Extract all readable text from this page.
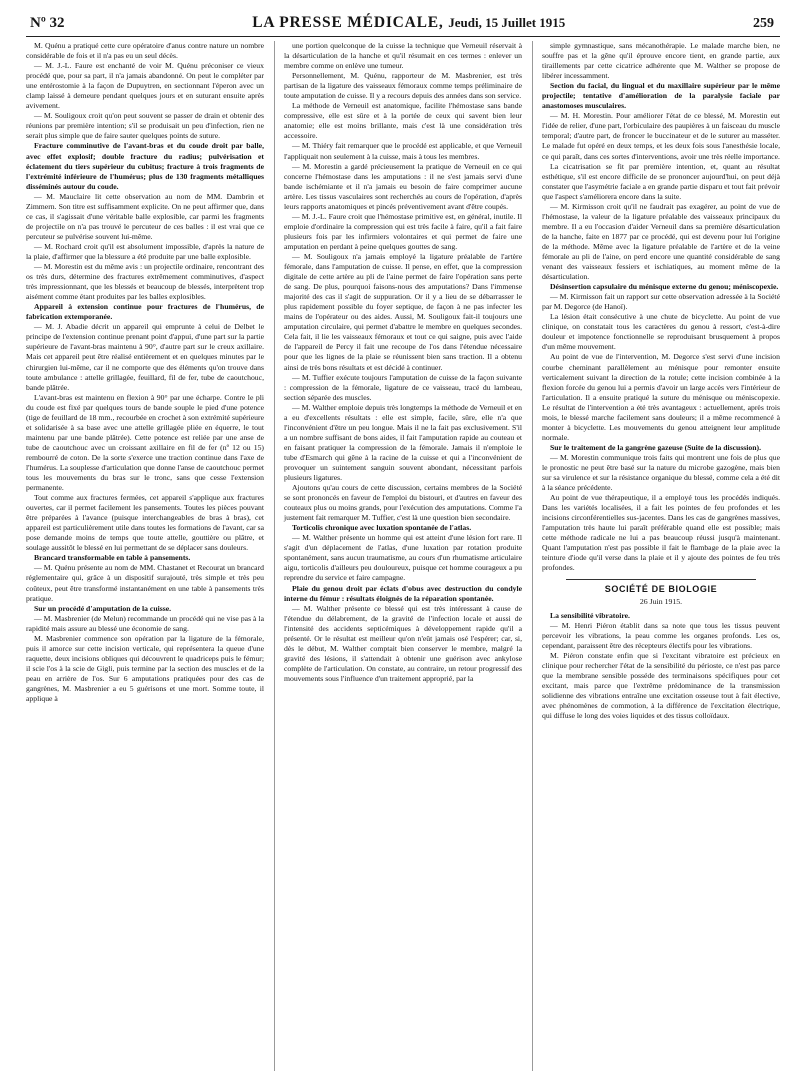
Nº 32	LA PRESSE MÉDICALE, Jeudi, 15 Juillet 1915	259

M. Quénu a pratiqué cette cure opératoire d'anus contre nature un nombre considérable de fois et il n'a pas eu un seul décès.

— M. J.-L. Faure est enchanté de voir M. Quénu préconiser ce vieux procédé que, pour sa part, il n'a jamais abandonné. On peut le compléter par une entérostomie à la façon de Dupuytren, en sectionnant l'éperon avec un clamp laissé à demeure pendant quelques jours et en suturant ensuite après avivement.

— M. Souligoux croit qu'on peut souvent se passer de drain et obtenir des réunions par première intention; s'il se produisait un peu d'infection, rien ne serait plus simple que de faire sauter quelques points de suture.

Fracture comminutive de l'avant-bras et du coude droit par balle, avec effet explosif; double fracture du radius; pulvérisation et éclatement du tiers supérieur du cubitus; fracture à trois fragments de l'extrémité inférieure de l'humérus; plus de 130 fragments métalliques disséminés autour du coude.

— M. Mauclaire lit cette observation au nom de MM. Dambrin et Zimmern. Son titre est suffisamment explicite. On ne peut affirmer que, dans ce cas, il s'agissait d'une véritable balle explosible, car parmi les fragments de projectile on n'a pas trouvé le percuteur de ces balles : il est vrai que ce percuteur se pulvérise souvent lui-même.

— M. Rochard croit qu'il est absolument impossible, d'après la nature de la plaie, d'affirmer que la blessure a été produite par une balle explosible.

— M. Morestin est du même avis : un projectile ordinaire, rencontrant des os très durs, détermine des fractures extrêmement comminutives, d'aspect très impressionnant, que les blessés et beaucoup de blessés, interprètent trop aisément comme étant produites par les balles explosibles.

Appareil à extension continue pour fractures de l'humérus, de fabrication extemporanée.

— M. J. Abadie décrit un appareil qui emprunte à celui de Delbet le principe de l'extension continue prenant point d'appui, d'une part sur la partie supérieure de l'avant-bras maintenu à 90°, d'autre part sur le creux axillaire. Mais cet appareil peut être réalisé entièrement et en quelques minutes par le chirurgien lui-même, car il ne comporte que des éléments qu'on trouve dans toute ambulance : attelle grillagée, feuillard, fil de fer, tube de caoutchouc, bande plâtrée.

L'avant-bras est maintenu en flexion à 90° par une écharpe. Contre le pli du coude est fixé par quelques tours de bande souple le pied d'une potence (tige de feuillard de 18 mm., recourbée en crochet à son extrémité supérieure et solidarisée à sa base avec une attelle grillagée pliée en équerre, le tout maintenu par une bande plâtrée). Cette potence est reliée par une anse de tube de caoutchouc avec un croissant axillaire en fil de fer (nº 12 ou 15) rembourré de coton. De la sorte s'exerce une traction continue dans l'axe de l'humérus. La souplesse d'articulation que donne l'anse de caoutchouc permet tous les mouvements du bras sur le tronc, sans que cesse l'extension permanente.

Tout comme aux fractures fermées, cet appareil s'applique aux fractures ouvertes, car il permet facilement les pansements. Toutes les pièces pouvant être préparées à l'avance (puisque interchangeables de bras à bras), cet appareil est particulièrement utile dans toutes les formations de l'avant, car sa pose demande moins de temps que toute attelle, gouttière ou plâtre, et soulage aussitôt le blessé en lui permettant de se déplacer sans douleurs.

Brancard transformable en table à pansements.

— M. Quénu présente au nom de MM. Chastanet et Recourat un brancard réglementaire qui, grâce à un dispositif surajouté, très simple et très peu coûteux, peut être transformé instantanément en une table à pansements très pratique.

Sur un procédé d'amputation de la cuisse.

— M. Masbrenier (de Melun) recommande un procédé qui ne vise pas à la rapidité mais assure au blessé une économie de sang.

M. Masbrenier commence son opération par la ligature de la fémorale, puis il amorce sur cette incision verticale, qui représentera la queue d'une raquette, deux incisions obliques qui découvrent le quadriceps puis le fémur; il scie l'os à la scie de Gigli, puis termine par la section des muscles et de la peau en arrière de l'os. Sur 6 amputations pratiquées pour des cas de gangrènes, M. Masbrenier a eu 5 guérisons et une mort. Somme toute, il applique à

une portion quelconque de la cuisse la technique que Verneuil réservait à la désarticulation de la hanche et qu'il résumait en ces termes : enlever un membre comme on enlève une tumeur.

Personnellement, M. Quénu, rapporteur de M. Masbrenier, est très partisan de la ligature des vaisseaux fémoraux comme temps préliminaire de toute amputation de cuisse. Il y a recours depuis des années dans son service.

La méthode de Verneuil est anatomique, facilite l'hémostase sans bande compressive, elle est sûre et à la portée de ceux qui savent bien leur anatomie; elle est moins brillante, mais c'est là une considération très accessoire.

— M. Thiéry fait remarquer que le procédé est applicable, et que Verneuil l'appliquait non seulement à la cuisse, mais à tous les membres.

— M. Morestin a gardé précieusement la pratique de Verneuil en ce qui concerne l'hémostase dans les amputations : il ne s'est jamais servi d'une bande ischémiante et il n'a jamais eu besoin de faire comprimer aucune artère. Les tissus vasculaires sont recherchés au cours de l'opération, d'après leurs rapports anatomiques et pincés préventivement avant d'être coupés.

— M. J.-L. Faure croit que l'hémostase primitive est, en général, inutile. Il emploie d'ordinaire la compression qui est très facile à faire, qu'il a fait faire plusieurs fois par les infirmiers volontaires et qui permet de faire une amputation en perdant à peine quelques gouttes de sang.

— M. Souligoux n'a jamais employé la ligature préalable de l'artère fémorale, dans l'amputation de cuisse. Il pense, en effet, que la compression digitale de cette artère au pli de l'aine permet de faire l'opération sans perte de sang. De plus, pourquoi faisons-nous des amputations? Dans l'immense majorité des cas il s'agit de suppuration. Or il y a lieu de se débarrasser le plus rapidement possible du foyer septique, de façon à ne pas infecter les mains de l'opérateur ou des aides. Aussi, M. Souligoux fait-il toujours une amputation circulaire, qui permet d'abattre le membre en quelques secondes. Cela fait, il lie les vaisseaux fémoraux et tout ce qui saigne, puis avec l'aide de l'appareil de Percy il fait une recoupe de l'os dans l'étendue nécessaire pour que les lignes de la plaie se réunissent bien sans traction. Il a obtenu ainsi de très bons résultats et est décidé à continuer.

— M. Tuffier exécute toujours l'amputation de cuisse de la façon suivante : compression de la fémorale, ligature de ce vaisseau, tracé du lambeau, section séparée des muscles.

— M. Walther emploie depuis très longtemps la méthode de Verneuil et en a eu d'excellents résultats : elle est simple, facile, sûre, elle n'a que l'inconvénient d'être un peu longue. Mais il ne la fait pas exclusivement. S'il a un nombre suffisant de bons aides, il fait l'amputation rapide au couteau et en faisant pratiquer la compression de la fémorale. Jamais il n'emploie le tube d'Esmarch qui gêne à la racine de la cuisse et qui a l'inconvénient de provoquer un suintement sanguin souvent abondant, nécessitant parfois plusieurs ligatures.

Ajoutons qu'au cours de cette discussion, certains membres de la Société se sont prononcés en faveur de l'emploi du bistouri, et d'autres en faveur des couteaux plus ou moins grands, pour l'exécution des amputations. Comme l'a justement fait remarquer M. Tuffier, c'est là une question bien secondaire.

Torticolis chronique avec luxation spontanée de l'atlas.

— M. Walther présente un homme qui est atteint d'une lésion fort rare. Il s'agit d'un déplacement de l'atlas, d'une luxation par rotation produite spontanément, sans aucun traumatisme, au cours d'un rhumatisme articulaire aigu, torticolis d'ailleurs peu douloureux, puisque cet homme courageux a pu reprendre du service et faire campagne.

Plaie du genou droit par éclats d'obus avec destruction du condyle interne du fémur : résultats éloignés de la réparation spontanée.

— M. Walther présente ce blessé qui est très intéressant à cause de l'étendue du délabrement, de la gravité de l'infection locale et aussi de l'intensité des accidents septicémiques à développement rapide qu'il a présenté. Or le résultat est meilleur qu'on n'eût jamais osé l'espérer; car, si, dès le début, M. Walther comptait bien conserver le membre, malgré la gravité des lésions, il s'attendait à obtenir une guérison avec ankylose complète de l'articulation. On constate, au contraire, un retour progressif des mouvements sous l'influence d'un traitement approprié, par la

simple gymnastique, sans mécanothérapie. Le malade marche bien, ne souffre pas et la gêne qu'il éprouve encore tient, en grande partie, aux tiraillements par cette cicatrice adhérente que M. Walther se propose de libérer incessamment.

Section du facial, du lingual et du maxillaire supérieur par le même projectile; tentative d'amélioration de la paralysie faciale par anastomoses musculaires.

— M. H. Morestin. Pour améliorer l'état de ce blessé, M. Morestin eut l'idée de relier, d'une part, l'orbiculaire des paupières à un faisceau du muscle temporal; d'autre part, de froncer le buccinateur et de le suturer au masséter. Le malade fut opéré en deux temps, et les deux fois sous l'anesthésie locale, ce qui paraît, dans ces sortes d'interventions, avoir une très réelle importance.

La cicatrisation se fit par première intention, et, quant au résultat esthétique, s'il est encore difficile de se prononcer aujourd'hui, on peut déjà constater que l'asymétrie faciale a en grande partie disparu et tout fait prévoir que l'aspect s'améliorera encore dans la suite.

— M. Kirmisson croit qu'il ne faudrait pas exagérer, au point de vue de l'hémostase, la valeur de la ligature préalable des vaisseaux principaux du membre. Il a eu l'occasion d'aider Verneuil dans sa première désarticulation de la hanche, faite en 1877 par ce procédé, qui est devenu pour lui l'origine de la méthode. Même avec la ligature préalable de l'artère et de la veine fémorale au pli de l'aine, on perd encore une quantité considérable de sang venant des vaisseaux fessiers et ischiatiques, au moment même de la désarticulation.

Désinsertion capsulaire du ménisque externe du genou; méniscopexie.

— M. Kirmisson fait un rapport sur cette observation adressée à la Société par M. Degorce (de Hanoï).

La lésion était consécutive à une chute de bicyclette. Au point de vue clinique, on constatait tous les caractères du genou à ressort, c'est-à-dire douleur et impotence fonctionnelle se reproduisant brusquement à propos d'un même mouvement.

Au point de vue de l'intervention, M. Degorce s'est servi d'une incision courbe cheminant parallèlement au ménisque pour remonter ensuite verticalement suivant la direction de la rotule; cette incision combinée à la flexion forcée du genou lui a permis d'avoir un large accès vers l'intérieur de l'articulation. Il a ensuite pratiqué la suture du ménisque ou méniscopexie. Le résultat de l'intervention a été très avantageux : actuellement, après trois mois, le blessé marche facilement sans douleurs; il a même recommencé à monter à bicyclette. Les mouvements du genou atteignent leur amplitude normale.

Sur le traitement de la gangrène gazeuse (Suite de la discussion).

— M. Morestin communique trois faits qui montrent une fois de plus que le pronostic ne peut être basé sur la nature du microbe gazogène, mais bien sur sa virulence et sur la résistance organique du blessé, comme cela a été dit à la séance précédente.

Au point de vue thérapeutique, il a employé tous les procédés indiqués. Dans les variétés localisées, il a fait les pointes de feu profondes et les incisions circonférentielles sus-jacentes. Dans les cas de gangrènes massives, l'amputation très haute lui paraît préférable quand elle est possible; mais cette méthode radicale ne lui a pas beaucoup réussi jusqu'à maintenant. Quant l'amputation n'est pas possible il fait le flambage de la plaie avec la teinture d'iode qu'il verse dans la plaie et il y ajoute des pointes de feu très profondes.

SOCIÉTÉ DE BIOLOGIE
26 Juin 1915.

La sensibilité vibratoire.

— M. Henri Piéron établit dans sa note que tous les tissus peuvent percevoir les vibrations, la peau comme les organes profonds. Les os, cependant, paraissent être des récepteurs électifs pour les vibrations.

M. Piéron constate enfin que si l'excitant vibratoire est précieux en clinique pour rechercher l'état de la sensibilité du périoste, ce n'est pas parce que la membrane sensible posséde des terminaisons spécifiques pour cet excitant, mais parce que l'extrême prédominance de la transmission solidienne des vibrations entraîne une excitation osseuse tout à fait élective, avec phénomènes de commotion, à la différence de l'excitation électrique, qui diffuse le long des voies liquides et des tissus colloïdaux.
